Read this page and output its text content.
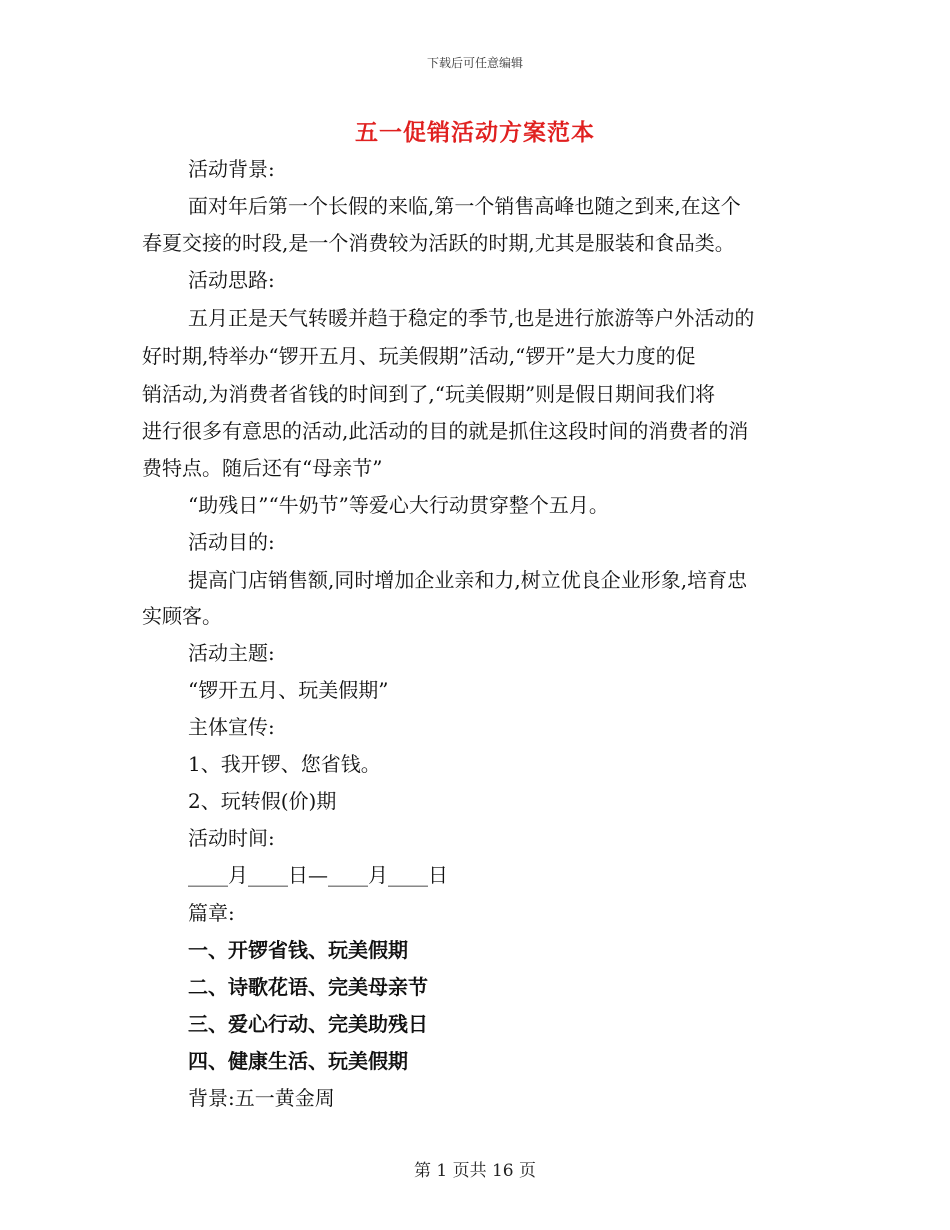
下载后可任意编辑
五一促销活动方案范本
活动背景:
面对年后第一个长假的来临,第一个销售高峰也随之到来,在这个
春夏交接的时段,是一个消费较为活跃的时期,尤其是服装和食品类。
活动思路:
五月正是天气转暖并趋于稳定的季节,也是进行旅游等户外活动的
好时期,特举办“锣开五月、玩美假期”活动,“锣开”是大力度的促
销活动,为消费者省钱的时间到了,“玩美假期”则是假日期间我们将
进行很多有意思的活动,此活动的目的就是抓住这段时间的消费者的消
费特点。随后还有“母亲节”
“助残日”“牛奶节”等爱心大行动贯穿整个五月。
活动目的:
提高门店销售额,同时增加企业亲和力,树立优良企业形象,培育忠
实顾客。
活动主题:
“锣开五月、玩美假期”
主体宣传:
1、我开锣、您省钱。
2、玩转假(价)期
活动时间:
____月____日—____月____日
篇章:
一、开锣省钱、玩美假期
二、诗歌花语、完美母亲节
三、爱心行动、完美助残日
四、健康生活、玩美假期
背景:五一黄金周
第 1 页共 16 页
